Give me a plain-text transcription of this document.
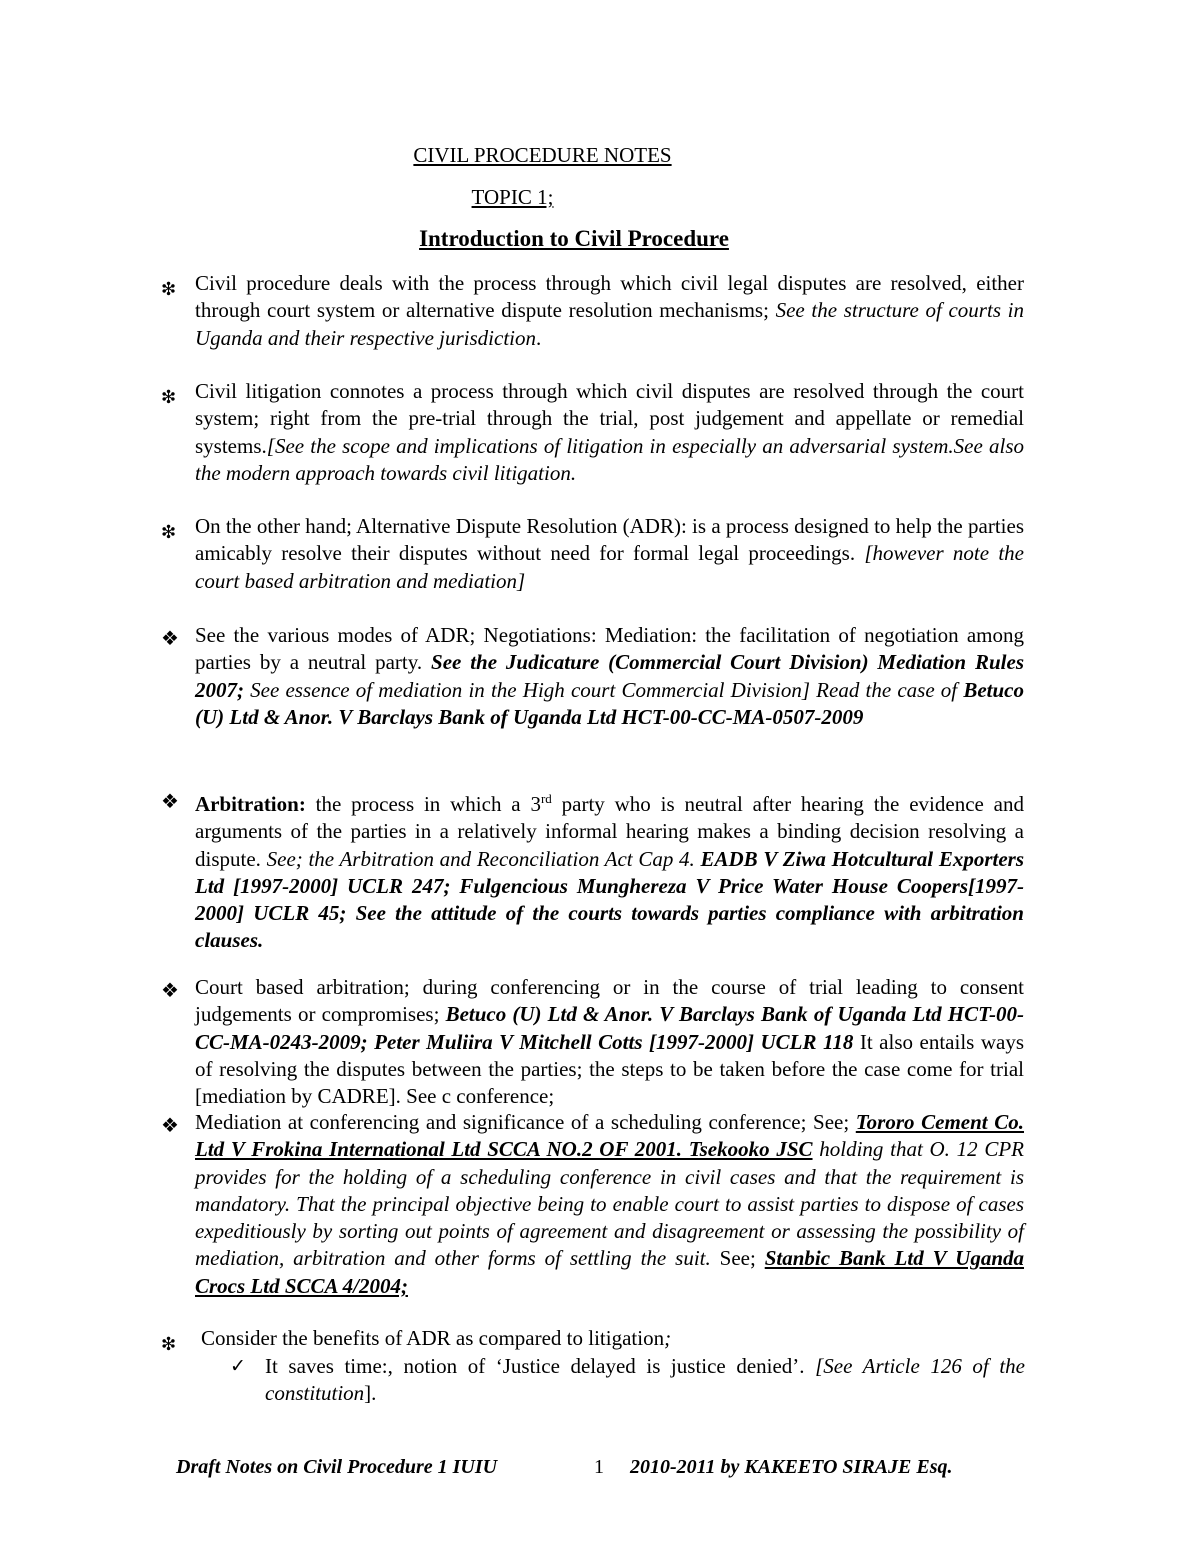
CIVIL PROCEDURE NOTES
TOPIC 1;
Introduction to Civil Procedure
❇ Civil procedure deals with the process through which civil legal disputes are resolved, either through court system or alternative dispute resolution mechanisms; See the structure of courts in Uganda and their respective jurisdiction.
❇ Civil litigation connotes a process through which civil disputes are resolved through the court system; right from the pre-trial through the trial, post judgement and appellate or remedial systems.[See the scope and implications of litigation in especially an adversarial system.See also the modern approach towards civil litigation.
❇ On the other hand; Alternative Dispute Resolution (ADR): is a process designed to help the parties amicably resolve their disputes without need for formal legal proceedings. [however note the court based arbitration and mediation]
❖ See the various modes of ADR; Negotiations: Mediation: the facilitation of negotiation among parties by a neutral party. See the Judicature (Commercial Court Division) Mediation Rules 2007; See essence of mediation in the High court Commercial Division] Read the case of Betuco (U) Ltd & Anor. V Barclays Bank of Uganda Ltd HCT-00-CC-MA-0507-2009
❖ Arbitration: the process in which a 3rd party who is neutral after hearing the evidence and arguments of the parties in a relatively informal hearing makes a binding decision resolving a dispute. See; the Arbitration and Reconciliation Act Cap 4. EADB V Ziwa Hotcultural Exporters Ltd [1997-2000] UCLR 247; Fulgencious Mungherеza V Price Water House Coopers[1997-2000] UCLR 45; See the attitude of the courts towards parties compliance with arbitration clauses.
❖ Court based arbitration; during conferencing or in the course of trial leading to consent judgements or compromises; Betuco (U) Ltd & Anor. V Barclays Bank of Uganda Ltd HCT-00-CC-MA-0243-2009; Peter Muliira V Mitchell Cotts [1997-2000] UCLR 118 It also entails ways of resolving the disputes between the parties; the steps to be taken before the case come for trial [mediation by CADRE]. See c conference;
❖ Mediation at conferencing and significance of a scheduling conference; See; Tororo Cement Co. Ltd V Frokina International Ltd SCCA NO.2 OF 2001. Tsekooko JSC holding that O. 12 CPR provides for the holding of a scheduling conference in civil cases and that the requirement is mandatory. That the principal objective being to enable court to assist parties to dispose of cases expeditiously by sorting out points of agreement and disagreement or assessing the possibility of mediation, arbitration and other forms of settling the suit. See; Stanbic Bank Ltd V Uganda Crocs Ltd SCCA 4/2004;
❇ Consider the benefits of ADR as compared to litigation;
✓ It saves time:, notion of ‘Justice delayed is justice denied’. [See Article 126 of the constitution].
Draft Notes on Civil Procedure 1 IUIU	1 2010-2011 by KAKEETO SIRAJE Esq.
